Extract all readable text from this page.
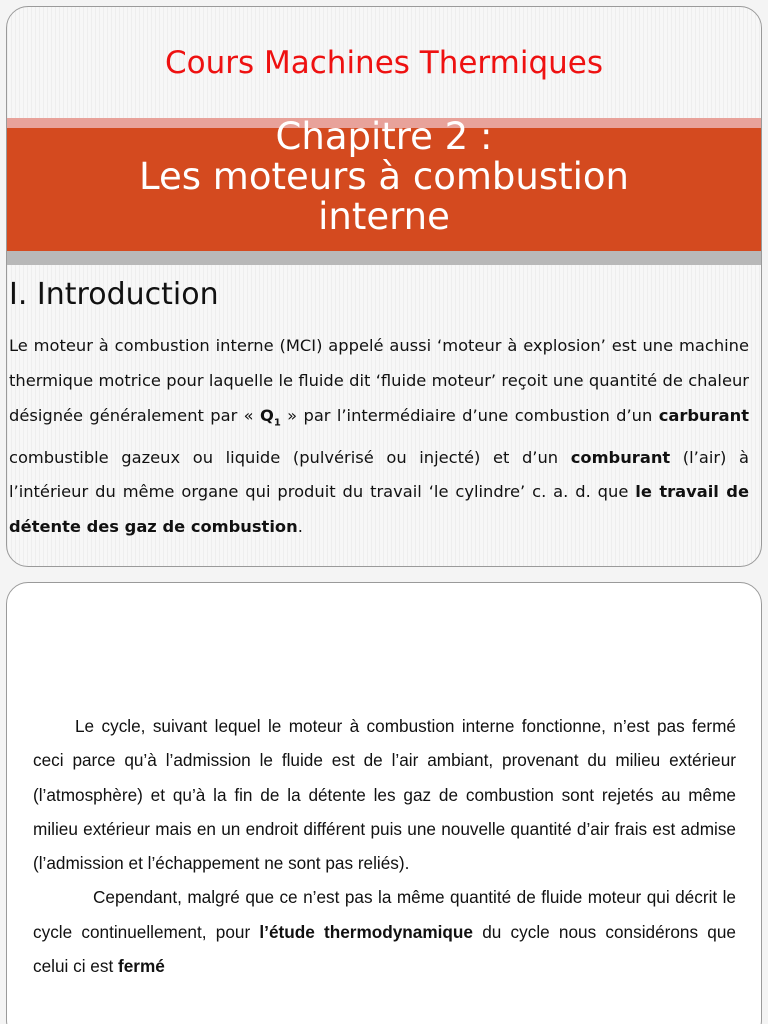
Cours Machines Thermiques
Chapitre 2 :
Les moteurs à combustion
interne
I. Introduction
Le moteur à combustion interne (MCI) appelé aussi ‘moteur à explosion’ est une machine thermique motrice pour laquelle le fluide dit ‘fluide moteur’ reçoit une quantité de chaleur désignée généralement par « $Q_1$ » par l’intermédiaire d’une combustion d’un carburant combustible gazeux ou liquide (pulvérisé ou injecté) et d’un comburant (l’air) à l’intérieur du même organe qui produit du travail ‘le cylindre’ c. a. d. que le travail de détente des gaz de combustion.

Le cycle, suivant lequel le moteur à combustion interne fonctionne, n’est pas fermé ceci parce qu’à l’admission le fluide est de l’air ambiant, provenant du milieu extérieur (l’atmosphère) et qu’à la fin de la détente les gaz de combustion sont rejetés au même milieu extérieur mais en un endroit différent puis une nouvelle quantité d’air frais est admise (l’admission et l’échappement ne sont pas reliés).

Cependant, malgré que ce n’est pas la même quantité de fluide moteur qui décrit le cycle continuellement, pour l’étude thermodynamique du cycle nous considérons que celui ci est fermé
